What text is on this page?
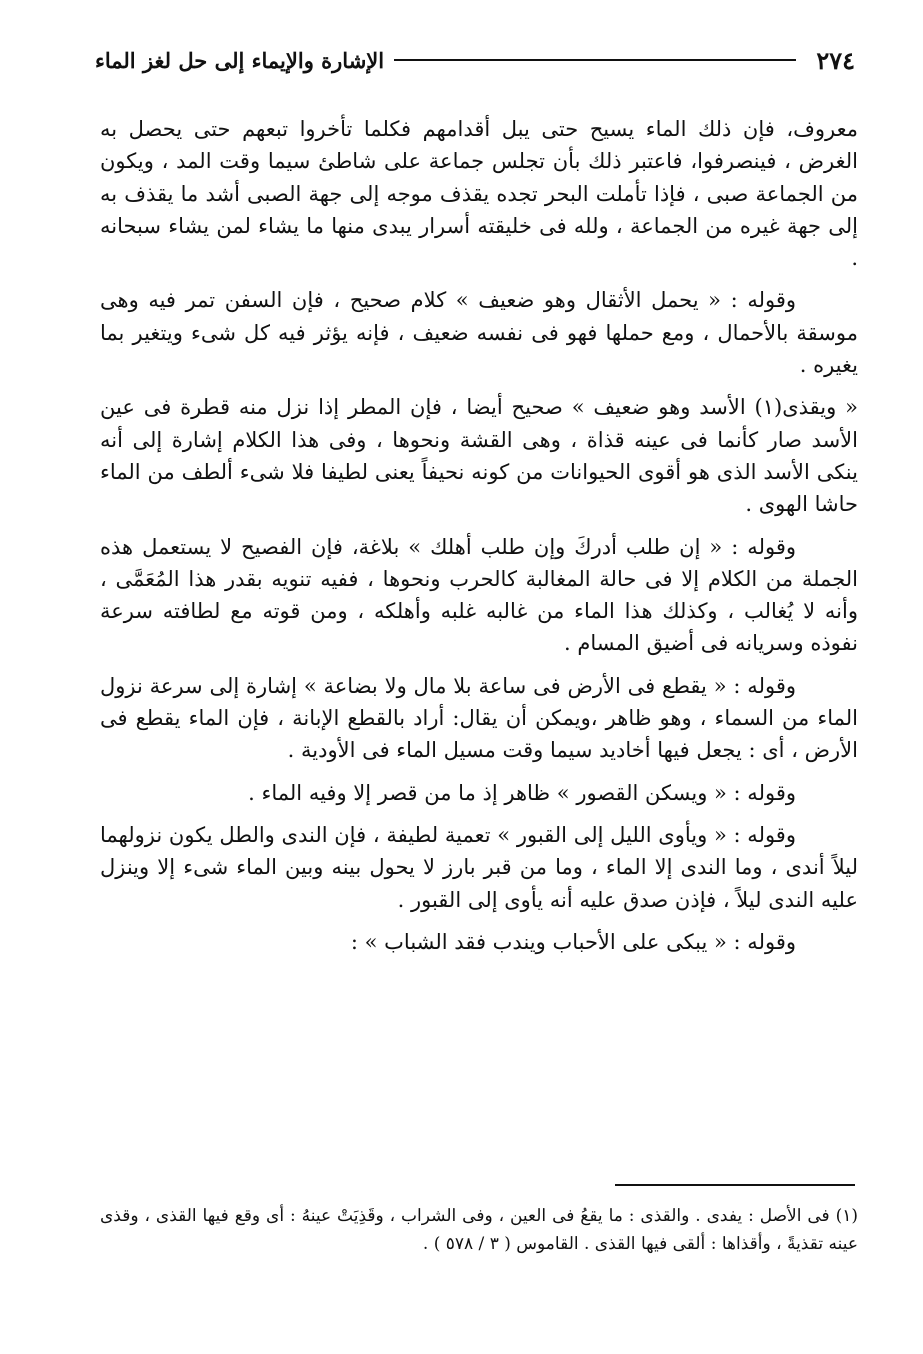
٢٧٤
الإشارة والإيماء إلى حل لغز الماء

معروف، فإن ذلك الماء يسيح حتى يبل أقدامهم فكلما تأخروا تبعهم حتى يحصل به الغرض ، فينصرفوا، فاعتبر ذلك بأن تجلس جماعة على شاطئ سيما وقت المد ، ويكون من الجماعة صبى ، فإذا تأملت البحر تجده يقذف موجه إلى جهة الصبى أشد ما يقذف به إلى جهة غيره من الجماعة ، ولله فى خليقته أسرار يبدى منها ما يشاء لمن يشاء سبحانه .

وقوله : « يحمل الأثقال وهو ضعيف » كلام صحيح ، فإن السفن تمر فيه وهى موسقة بالأحمال ، ومع حملها فهو فى نفسه ضعيف ، فإنه يؤثر فيه كل شىء ويتغير بما يغيره .

« ويقذى(١) الأسد وهو ضعيف » صحيح أيضا ، فإن المطر إذا نزل منه قطرة فى عين الأسد صار كأنما فى عينه قذاة ، وهى القشة ونحوها ، وفى هذا الكلام إشارة إلى أنه ينكى الأسد الذى هو أقوى الحيوانات من كونه نحيفاً يعنى لطيفا فلا شىء ألطف من الماء حاشا الهوى .

وقوله : « إن طلب أدركَ وإن طلب أهلك » بلاغة، فإن الفصيح لا يستعمل هذه الجملة من الكلام إلا فى حالة المغالبة كالحرب ونحوها ، ففيه تنويه بقدر هذا المُعَمَّى ، وأنه لا يُغالب ، وكذلك هذا الماء من غالبه غلبه وأهلكه ، ومن قوته مع لطافته سرعة نفوذه وسريانه فى أضيق المسام .

وقوله : « يقطع فى الأرض فى ساعة بلا مال ولا بضاعة » إشارة إلى سرعة نزول الماء من السماء ، وهو ظاهر ،ويمكن أن يقال: أراد بالقطع الإبانة ، فإن الماء يقطع فى الأرض ، أى : يجعل فيها أخاديد سيما وقت مسيل الماء فى الأودية .

وقوله : « ويسكن القصور » ظاهر إذ ما من قصر إلا وفيه الماء .

وقوله : « ويأوى الليل إلى القبور » تعمية لطيفة ، فإن الندى والطل يكون نزولهما ليلاً أندى ، وما الندى إلا الماء ، وما من قبر بارز لا يحول بينه وبين الماء شىء إلا وينزل عليه الندى ليلاً ، فإذن صدق عليه أنه يأوى إلى القبور .

وقوله : « يبكى على الأحباب ويندب فقد الشباب » :

(١) فى الأصل : يفدى . والقذى : ما يقعُ فى العين ، وفى الشراب ، وقَذِيَتْ عينهُ : أى وقع فيها القذى ، وقذى عينه تقذيةً ، وأقذاها : ألقى فيها القذى . القاموس ( ٣ / ٥٧٨ ) .
